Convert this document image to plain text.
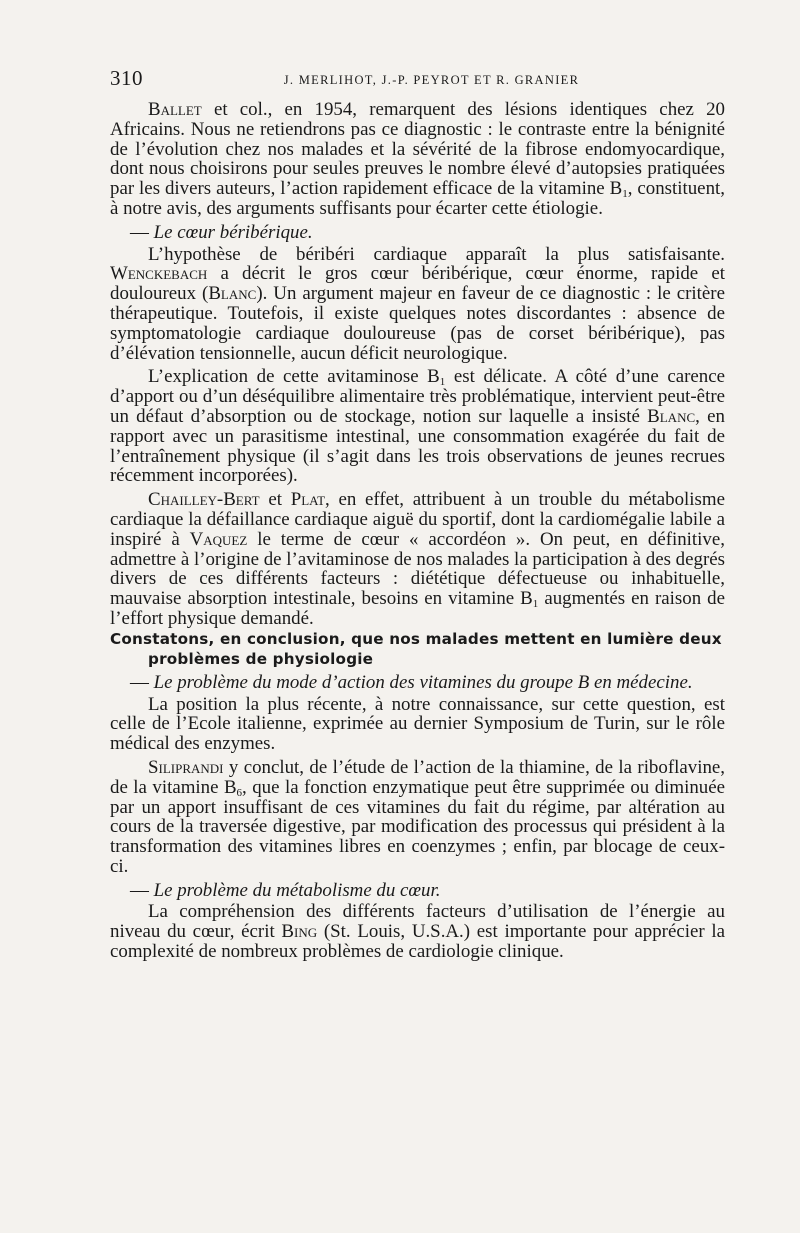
310	J. MERLIHOT, J.-P. PEYROT ET R. GRANIER

Ballet et col., en 1954, remarquent des lésions identiques chez 20 Africains. Nous ne retiendrons pas ce diagnostic : le contraste entre la bénignité de l’évolution chez nos malades et la sévérité de la fibrose endomyocardique, dont nous choisirons pour seules preuves le nombre élevé d’autopsies pratiquées par les divers auteurs, l’action rapidement efficace de la vitamine $B_1$, constituent, à notre avis, des arguments suffisants pour écarter cette étiologie.

— Le cœur béribérique.

L’hypothèse de béribéri cardiaque apparaît la plus satisfaisante. Wenckebach a décrit le gros cœur béribérique, cœur énorme, rapide et douloureux (Blanc). Un argument majeur en faveur de ce diagnostic : le critère thérapeutique. Toutefois, il existe quelques notes discordantes : absence de symptomatologie cardiaque douloureuse (pas de corset béribérique), pas d’élévation tensionnelle, aucun déficit neurologique.

L’explication de cette avitaminose $B_1$ est délicate. A côté d’une carence d’apport ou d’un déséquilibre alimentaire très problématique, intervient peut-être un défaut d’absorption ou de stockage, notion sur laquelle a insisté Blanc, en rapport avec un parasitisme intestinal, une consommation exagérée du fait de l’entraînement physique (il s’agit dans les trois observations de jeunes recrues récemment incorporées).

Chailley-Bert et Plat, en effet, attribuent à un trouble du métabolisme cardiaque la défaillance cardiaque aiguë du sportif, dont la cardiomégalie labile a inspiré à Vaquez le terme de cœur « accordéon ». On peut, en définitive, admettre à l’origine de l’avitaminose de nos malades la participation à des degrés divers de ces différents facteurs : diététique défectueuse ou inhabituelle, mauvaise absorption intestinale, besoins en vitamine $B_1$ augmentés en raison de l’effort physique demandé.

Constatons, en conclusion, que nos malades mettent en lumière deux problèmes de physiologie

— Le problème du mode d’action des vitamines du groupe B en médecine.

La position la plus récente, à notre connaissance, sur cette question, est celle de l’Ecole italienne, exprimée au dernier Symposium de Turin, sur le rôle médical des enzymes.

Siliprandi y conclut, de l’étude de l’action de la thiamine, de la riboflavine, de la vitamine $B_6$, que la fonction enzymatique peut être supprimée ou diminuée par un apport insuffisant de ces vitamines du fait du régime, par altération au cours de la traversée digestive, par modification des processus qui président à la transformation des vitamines libres en coenzymes ; enfin, par blocage de ceux-ci.

— Le problème du métabolisme du cœur.

La compréhension des différents facteurs d’utilisation de l’énergie au niveau du cœur, écrit Bing (St. Louis, U.S.A.) est importante pour apprécier la complexité de nombreux problèmes de cardiologie clinique.
